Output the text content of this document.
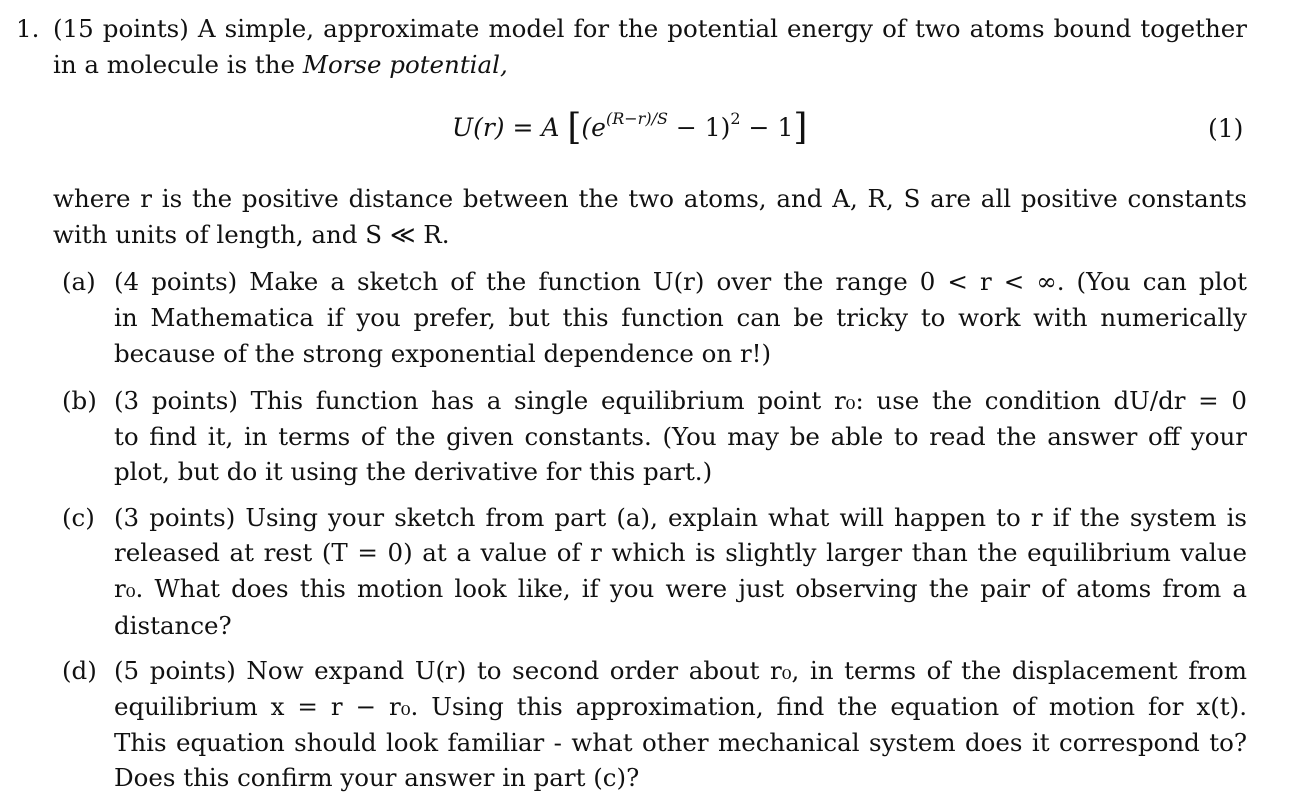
1. (15 points) A simple, approximate model for the potential energy of two atoms bound together
in a molecule is the Morse potential,
U(r) = A $[(e^{(R-r)/S} - 1)^2 - 1]$	(1)
where r is the positive distance between the two atoms, and A, R, S are all positive constants
with units of length, and S ≪ R.
(a) (4 points) Make a sketch of the function U(r) over the range 0 < r < ∞. (You can plot
in Mathematica if you prefer, but this function can be tricky to work with numerically
because of the strong exponential dependence on r!)
(b) (3 points) This function has a single equilibrium point r₀: use the condition dU/dr = 0
to find it, in terms of the given constants. (You may be able to read the answer off your
plot, but do it using the derivative for this part.)
(c) (3 points) Using your sketch from part (a), explain what will happen to r if the system is
released at rest (T = 0) at a value of r which is slightly larger than the equilibrium value
r₀. What does this motion look like, if you were just observing the pair of atoms from a
distance?
(d) (5 points) Now expand U(r) to second order about r₀, in terms of the displacement from
equilibrium x = r − r₀. Using this approximation, find the equation of motion for x(t).
This equation should look familiar - what other mechanical system does it correspond to?
Does this confirm your answer in part (c)?
